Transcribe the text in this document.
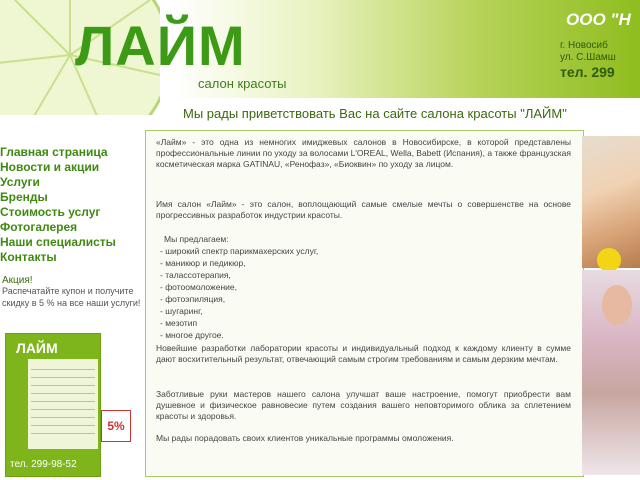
ЛАЙМ
салон красоты
ООО "Н
г. Новосиб
ул. С.Шамш
тел. 299
Мы рады приветствовать Вас на сайте салона красоты "ЛАЙМ"
Главная страница
Новости и акции
Услуги
Бренды
Стоимость услуг
Фотогалерея
Наши специалисты
Контакты
Акция!
Распечатайте купон и получите скидку в 5 % на все наши услуги!
ЛАЙМ
тел. 299-98-52
5%

«Лайм» - это одна из немногих имиджевых салонов в Новосибирске, в которой представлены профессиональные линии по уходу за волосами L'OREAL, Wella, Babett (Испания), а также французская косметическая марка GATINAU, «Ренофаз», «Биоквин» по уходу за лицом.

Имя салон «Лайм» - это салон, воплощающий самые смелые мечты о совершенстве на основе прогрессивных разработок индустрии красоты.

Мы предлагаем:
- широкий спектр парикмахерских услуг,
- маникюр и педикюр,
- талассотерапия,
- фотоомоложение,
- фотоэпиляция,
- шугаринг,
- мезотип
- многое другое.

Новейшие разработки лаборатории красоты и индивидуальный подход к каждому клиенту в сумме дают восхитительный результат, отвечающий самым строгим требованиям и самым дерзким мечтам.

Заботливые руки мастеров нашего салона улучшат ваше настроение, помогут приобрести вам душевное и физическое равновесие путем создания вашего неповторимого облика за сплетением красоты и здоровья.

Мы рады порадовать своих клиентов уникальные программы омоложения.
